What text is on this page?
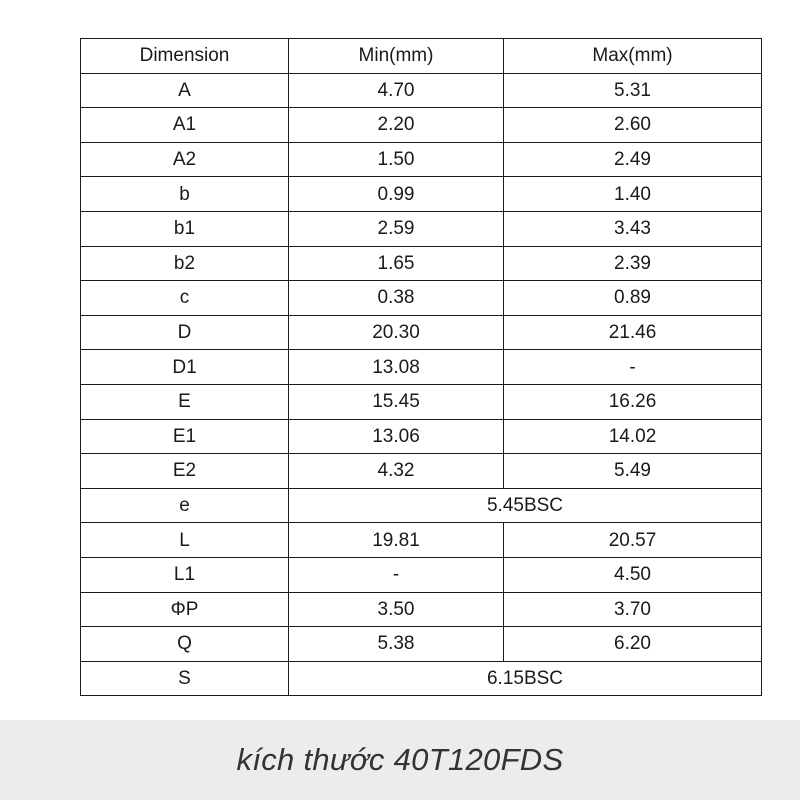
Dimension	Min(mm)	Max(mm)
A	4.70	5.31
A1	2.20	2.60
A2	1.50	2.49
b	0.99	1.40
b1	2.59	3.43
b2	1.65	2.39
c	0.38	0.89
D	20.30	21.46
D1	13.08	-
E	15.45	16.26
E1	13.06	14.02
E2	4.32	5.49
e	5.45BSC	
L	19.81	20.57
L1	-	4.50
ΦP	3.50	3.70
Q	5.38	6.20
S	6.15BSC	
kích thước 40T120FDS
